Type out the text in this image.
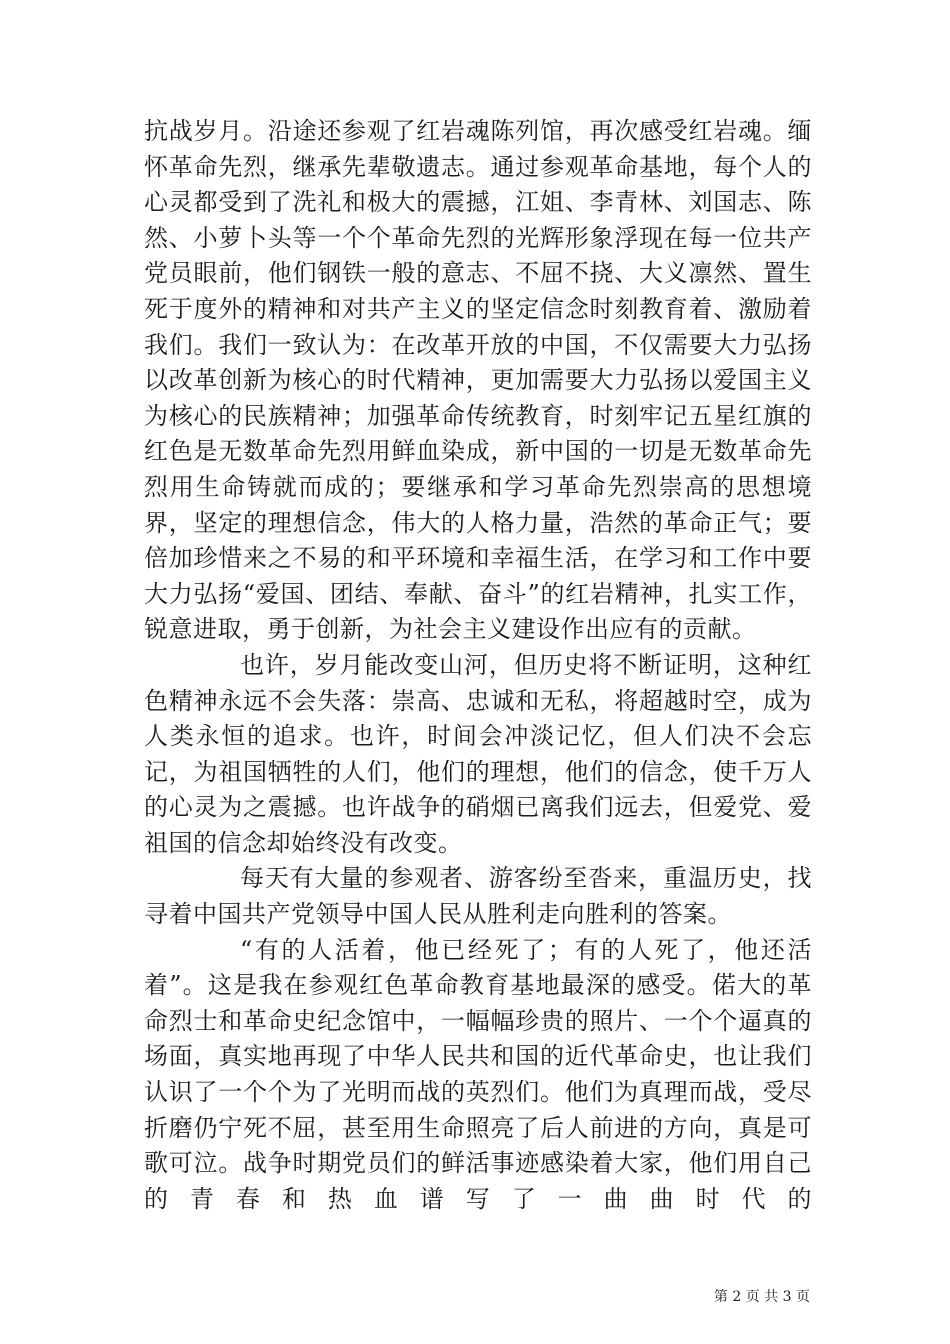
抗战岁月。沿途还参观了红岩魂陈列馆，再次感受红岩魂。缅怀革命先烈，继承先辈敬遗志。通过参观革命基地，每个人的心灵都受到了洗礼和极大的震撼，江姐、李青林、刘国志、陈然、小萝卜头等一个个革命先烈的光辉形象浮现在每一位共产党员眼前，他们钢铁一般的意志、不屈不挠、大义凛然、置生死于度外的精神和对共产主义的坚定信念时刻教育着、激励着我们。我们一致认为：在改革开放的中国，不仅需要大力弘扬以改革创新为核心的时代精神，更加需要大力弘扬以爱国主义为核心的民族精神；加强革命传统教育，时刻牢记五星红旗的红色是无数革命先烈用鲜血染成，新中国的一切是无数革命先烈用生命铸就而成的；要继承和学习革命先烈崇高的思想境界，坚定的理想信念，伟大的人格力量，浩然的革命正气；要倍加珍惜来之不易的和平环境和幸福生活，在学习和工作中要大力弘扬“爱国、团结、奉献、奋斗”的红岩精神，扎实工作，锐意进取，勇于创新，为社会主义建设作出应有的贡献。

也许，岁月能改变山河，但历史将不断证明，这种红色精神永远不会失落：崇高、忠诚和无私，将超越时空，成为人类永恒的追求。也许，时间会冲淡记忆，但人们决不会忘记，为祖国牺牲的人们，他们的理想，他们的信念，使千万人的心灵为之震撼。也许战争的硝烟已离我们远去，但爱党、爱祖国的信念却始终没有改变。

每天有大量的参观者、游客纷至沓来，重温历史，找寻着中国共产党领导中国人民从胜利走向胜利的答案。

“有的人活着，他已经死了；有的人死了，他还活着”。这是我在参观红色革命教育基地最深的感受。偌大的革命烈士和革命史纪念馆中，一幅幅珍贵的照片、一个个逼真的场面，真实地再现了中华人民共和国的近代革命史，也让我们认识了一个个为了光明而战的英烈们。他们为真理而战，受尽折磨仍宁死不屈，甚至用生命照亮了后人前进的方向，真是可歌可泣。战争时期党员们的鲜活事迹感染着大家，他们用自己的青春和热血谱写了一曲曲时代的

第 2 页 共 3 页
